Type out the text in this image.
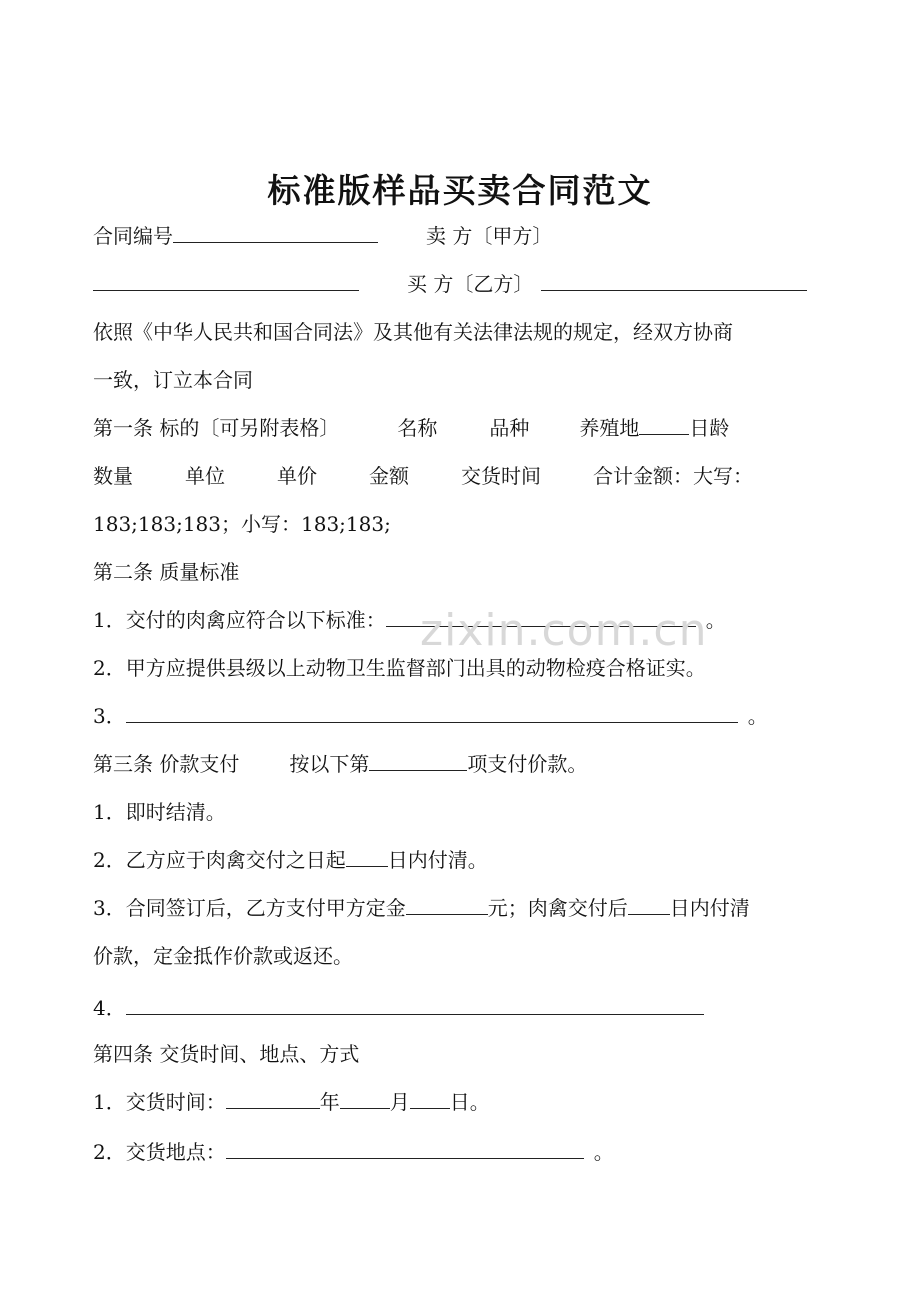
标准版样品买卖合同范文
合同编号	卖 方〔甲方〕
买 方〔乙方〕
依照《中华人民共和国合同法》及其他有关法律法规的规定，经双方协商
一致，订立本合同
第一条 标的〔可另附表格〕	名称	品种	养殖地	日龄
数量	单位	单价	金额	交货时间	合计金额：大写：
183;183;183；小写：183;183;
第二条 质量标准
1．交付的肉禽应符合以下标准：	。
zixin.com.cn
2．甲方应提供县级以上动物卫生监督部门出具的动物检疫合格证实。
3．	。
第三条 价款支付	按以下第	项支付价款。
1．即时结清。
2．乙方应于肉禽交付之日起 日内付清。
3．合同签订后，乙方支付甲方定金	元；肉禽交付后 日内付清
价款，定金抵作价款或返还。
4．
第四条 交货时间、地点、方式
1．交货时间：	年	月 日。
2．交货地点：	。
